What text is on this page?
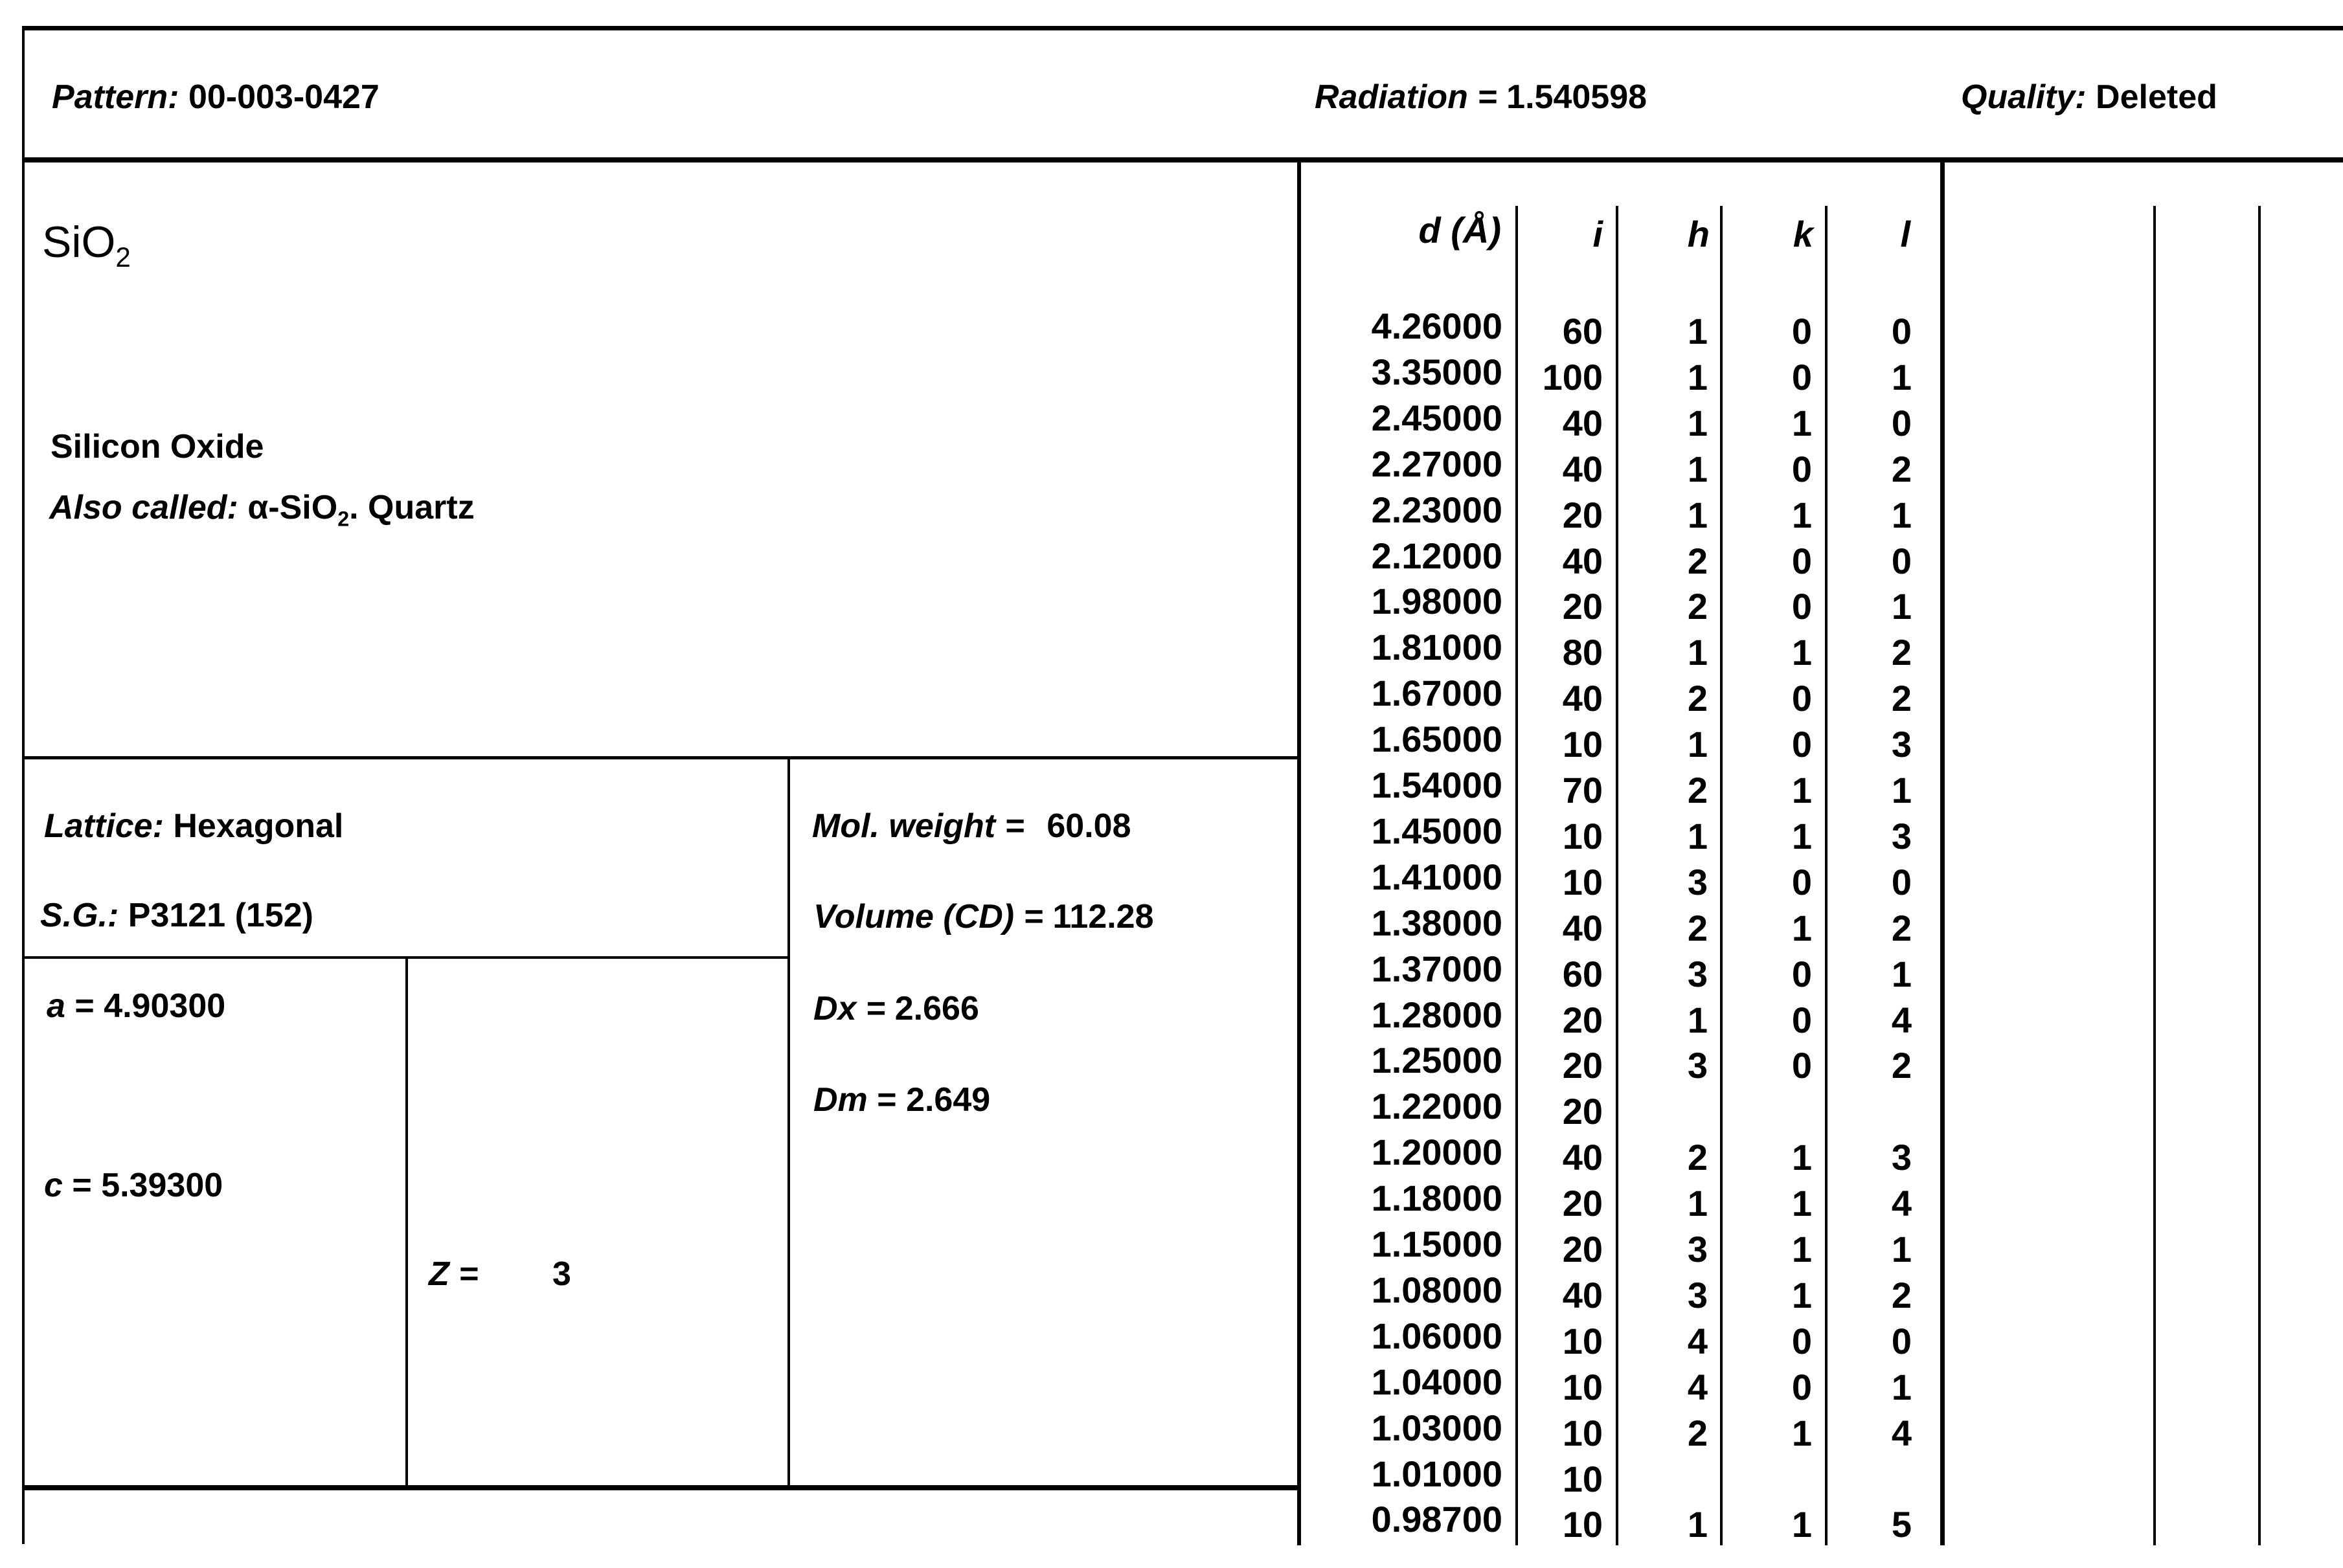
Pattern: 00-003-0427	Radiation = 1.540598	Quality: Deleted
SiO$_2$
Silicon Oxide
Also called: α-SiO$_2$. Quartz
Lattice: Hexagonal
S.G.: P3121 (152)
a = 4.90300
c = 5.39300
Z = 3
Mol. weight = 60.08
Volume (CD) = 112.28
Dx = 2.666
Dm = 2.649
d (Å)	i	h	k	l
4.26000	60	1	0	0
3.35000 100	1	0	1
2.45000	40	1	1	0
2.27000	40	1	0	2
2.23000	20	1	1	1
2.12000	40	2	0	0
1.98000	20	2	0	1
1.81000	80	1	1	2
1.67000	40	2	0	2
1.65000	10	1	0	3
1.54000	70	2	1	1
1.45000	10	1	1	3
1.41000	10	3	0	0
1.38000	40	2	1	2
1.37000	60	3	0	1
1.28000	20	1	0	4
1.25000	20	3	0	2
1.22000	20
1.20000	40	2	1	3
1.18000	20	1	1	4
1.15000	20	3	1	1
1.08000	40	3	1	2
1.06000	10	4	0	0
1.04000	10	4	0	1
1.03000	10	2	1	4
1.01000	10
0.98700	10	1	1	5
